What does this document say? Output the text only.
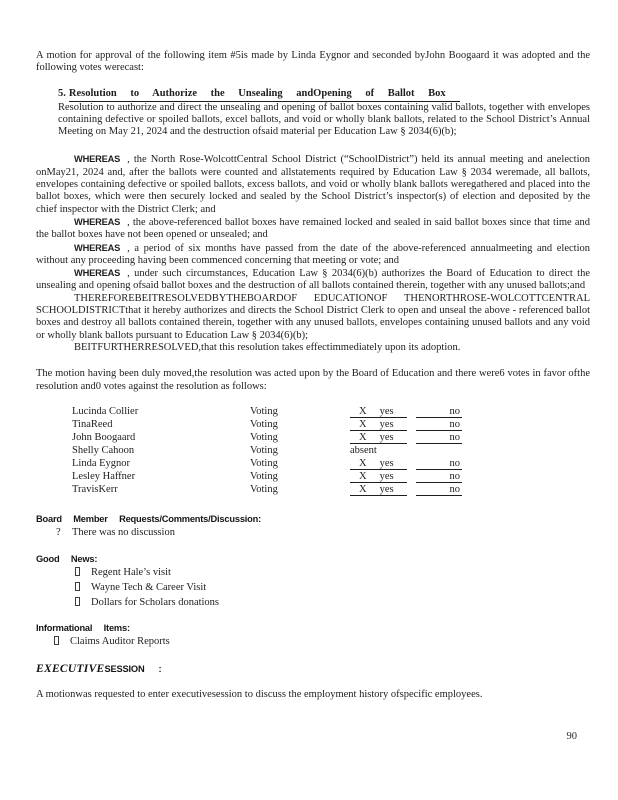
A motion for approval of the following item #5is made by Linda Eygnor and seconded byJohn Boogaard it was adopted and the following votes werecast:

5. Resolution to Authorize the Unsealing andOpening of Ballot Box

Resolution to authorize and direct the unsealing and opening of ballot boxes containing valid ballots, together with envelopes containing defective or spoiled ballots, excel ballots, and void or wholly blank ballots, related to the School District’s Annual Meeting on May 21, 2024 and the destruction ofsaid material per Education Law § 2034(6)(b);

WHEREAS , the North Rose-WolcottCentral School District (“SchoolDistrict”) held its annual meeting and anelection onMay21, 2024 and, after the ballots were counted and allstatements required by Education Law § 2034 weremade, all ballots, envelopes containing defective or spoiled ballots, excess ballots, and void or wholly blank ballots weregathered and placed into the ballot boxes, which were then securely locked and sealed by the School District’s inspector(s) of election and deposited by the chief inspector with the District Clerk; and

WHEREAS , the above-referenced ballot boxes have remained locked and sealed in said ballot boxes since that time and the ballot boxes have not been opened or unsealed; and

WHEREAS , a period of six months have passed from the date of the above-referenced annualmeeting and election without any proceeding having been commenced concerning that meeting or vote; and

WHEREAS , under such circumstances, Education Law § 2034(6)(b) authorizes the Board of Education to direct the unsealing and opening ofsaid ballot boxes and the destruction of all ballots contained therein, together with any unused ballots;and

THEREFOREBEITRESOLVEDBYTHEBOARDOF EDUCATIONOF THENORTHROSE-WOLCOTTCENTRAL SCHOOLDISTRICTthat it hereby authorizes and directs the School District Clerk to open and unseal the above - referenced ballot boxes and destroy all ballots contained therein, together with any unused ballots, envelopes containing unused ballots and any void or wholly blank ballots pursuant to Education Law § 2034(6)(b);

BEITFURTHERRESOLVED,that this resolution takes effectimmediately upon its adoption.

The motion having been duly moved,the resolution was acted upon by the Board of Education and there were6 votes in favor ofthe resolution and0 votes against the resolution as follows:

Lucinda Collier	Voting	X yes	no
TinaReed	Voting	X yes	no
John Boogaard	Voting	X yes	no
Shelly Cahoon	Voting	absent
Linda Eygnor	Voting	X yes	no
Lesley Haffner	Voting	X yes	no
TravisKerr	Voting	X yes	no
Board Member Requests/Comments/Discussion:
? There was no discussion
Good News:
Regent Hale’s visit
Wayne Tech & Career Visit
Dollars for Scholars donations
Informational Items:
Claims Auditor Reports
EXECUTIVESESSION :

A motionwas requested to enter executivesession to discuss the employment history ofspecific employees.

90
